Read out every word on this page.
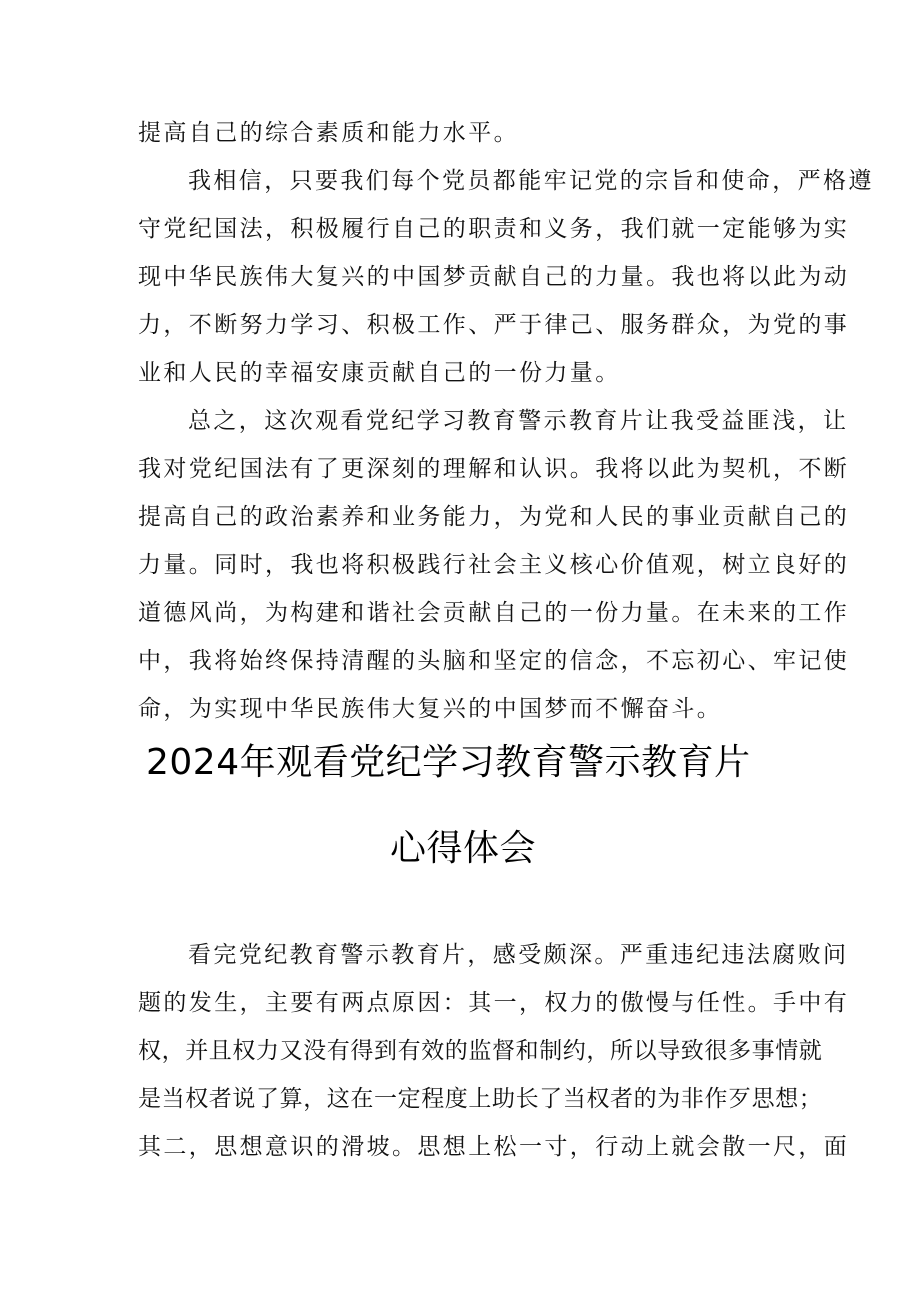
提高自己的综合素质和能力水平。
我相信，只要我们每个党员都能牢记党的宗旨和使命，严格遵
守党纪国法，积极履行自己的职责和义务，我们就一定能够为实
现中华民族伟大复兴的中国梦贡献自己的力量。我也将以此为动
力，不断努力学习、积极工作、严于律己、服务群众，为党的事
业和人民的幸福安康贡献自己的一份力量。
总之，这次观看党纪学习教育警示教育片让我受益匪浅，让
我对党纪国法有了更深刻的理解和认识。我将以此为契机，不断
提高自己的政治素养和业务能力，为党和人民的事业贡献自己的
力量。同时，我也将积极践行社会主义核心价值观，树立良好的
道德风尚，为构建和谐社会贡献自己的一份力量。在未来的工作
中，我将始终保持清醒的头脑和坚定的信念，不忘初心、牢记使
命，为实现中华民族伟大复兴的中国梦而不懈奋斗。
2024年观看党纪学习教育警示教育片
心得体会
看完党纪教育警示教育片，感受颇深。严重违纪违法腐败问
题的发生，主要有两点原因：其一，权力的傲慢与任性。手中有
权，并且权力又没有得到有效的监督和制约，所以导致很多事情就
是当权者说了算，这在一定程度上助长了当权者的为非作歹思想；
其二，思想意识的滑坡。思想上松一寸，行动上就会散一尺，面
